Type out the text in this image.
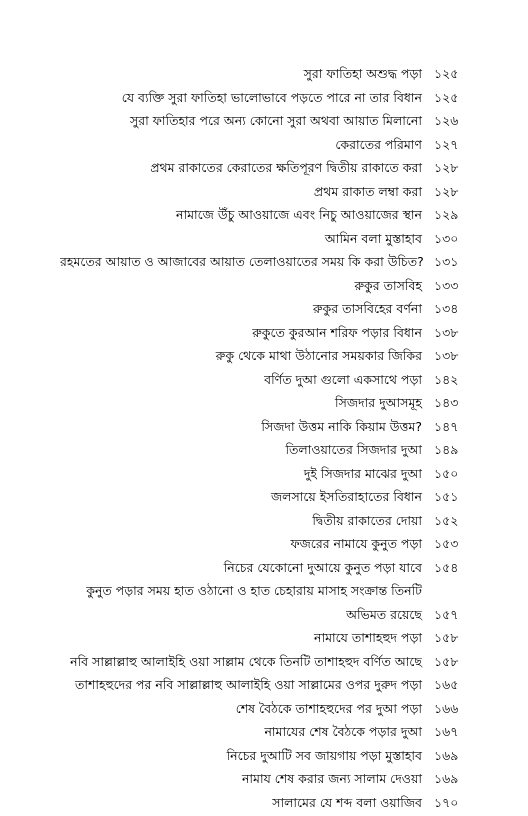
সুরা ফাতিহা অশুদ্ধ পড়া ১২৫
যে ব্যক্তি সুরা ফাতিহা ভালোভাবে পড়তে পারে না তার বিধান ১২৫
সুরা ফাতিহার পরে অন্য কোনো সুরা অথবা আয়াত মিলানো ১২৬
কেরাতের পরিমাণ ১২৭
প্রথম রাকাতের কেরাতের ক্ষতিপূরণ দ্বিতীয় রাকাতে করা ১২৮
প্রথম রাকাত লম্বা করা ১২৮
নামাজে উঁচু আওয়াজে এবং নিচু আওয়াজের স্থান ১২৯
আমিন বলা মুস্তাহাব ১৩০
রহমতের আয়াত ও আজাবের আয়াত তেলাওয়াতের সময় কি করা উচিত? ১৩১
রুকুর তাসবিহ ১৩৩
রুকুর তাসবিহের বর্ণনা ১৩৪
রুকুতে কুরআন শরিফ পড়ার বিধান ১৩৮
রুকু থেকে মাথা উঠানোর সময়কার জিকির ১৩৮
বর্ণিত দুআ গুলো একসাথে পড়া ১৪২
সিজদার দুআসমূহ ১৪৩
সিজদা উত্তম নাকি কিয়াম উত্তম? ১৪৭
তিলাওয়াতের সিজদার দুআ ১৪৯
দুই সিজদার মাঝের দুআ ১৫০
জলসায়ে ইসতিরাহাতের বিধান ১৫১
দ্বিতীয় রাকাতের দোয়া ১৫২
ফজরের নামাযে কুনুত পড়া ১৫৩
নিচের যেকোনো দুআয়ে কুনুত পড়া যাবে ১৫৪
কুনুত পড়ার সময় হাত ওঠানো ও হাত চেহারায় মাসাহ সংক্রান্ত তিনটি অভিমত রয়েছে ১৫৭
নামাযে তাশাহহুদ পড়া ১৫৮
নবি সাল্লাল্লাহু আলাইহি ওয়া সাল্লাম থেকে তিনটি তাশাহহুদ বর্ণিত আছে ১৫৮
তাশাহহুদের পর নবি সাল্লাল্লাহু আলাইহি ওয়া সাল্লামের ওপর দুরুদ পড়া ১৬৫
শেষ বৈঠকে তাশাহহুদের পর দুআ পড়া ১৬৬
নামাযের শেষ বৈঠকে পড়ার দুআ ১৬৭
নিচের দুআটি সব জায়গায় পড়া মুস্তাহাব ১৬৯
নামায শেষ করার জন্য সালাম দেওয়া ১৬৯
সালামের যে শব্দ বলা ওয়াজিব ১৭০
